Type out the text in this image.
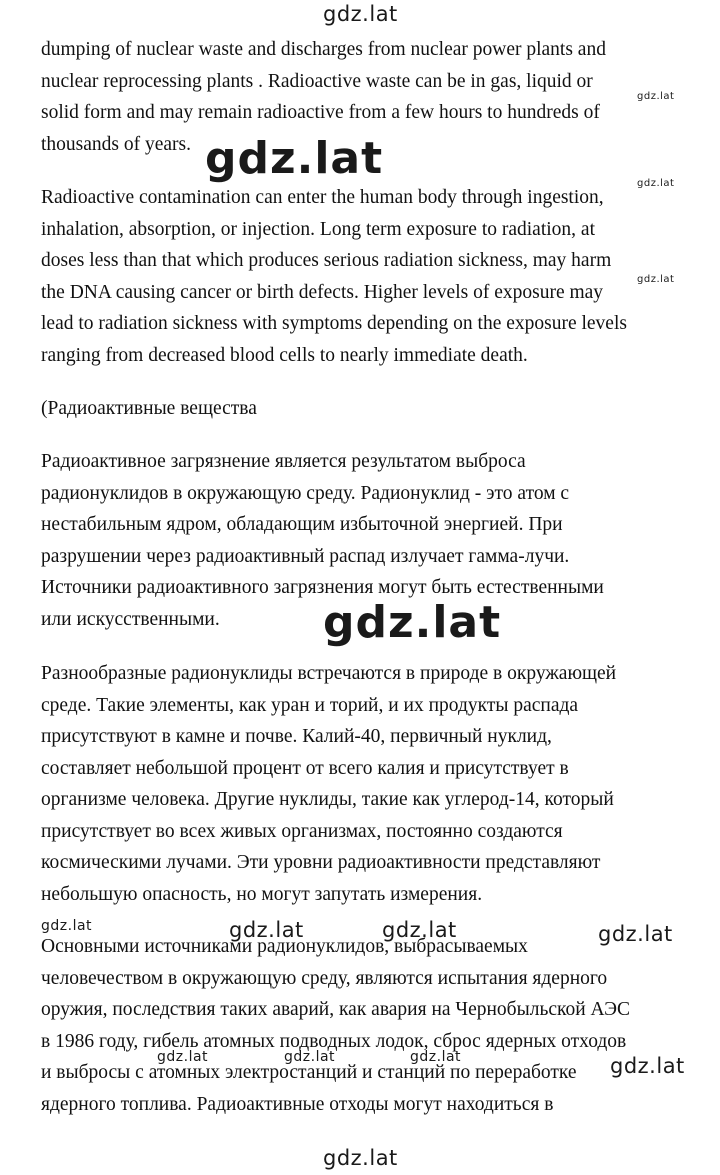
dumping of nuclear waste and discharges from nuclear power plants and
nuclear reprocessing plants . Radioactive waste can be in gas, liquid or
solid form and may remain radioactive from a few hours to hundreds of
thousands of years.

Radioactive contamination can enter the human body through ingestion,
inhalation, absorption, or injection. Long term exposure to radiation, at
doses less than that which produces serious radiation sickness, may harm
the DNA causing cancer or birth defects. Higher levels of exposure may
lead to radiation sickness with symptoms depending on the exposure levels
ranging from decreased blood cells to nearly immediate death.

(Радиоактивные вещества

Радиоактивное загрязнение является результатом выброса
радионуклидов в окружающую среду. Радионуклид - это атом с
нестабильным ядром, обладающим избыточной энергией. При
разрушении через радиоактивный распад излучает гамма-лучи.
Источники радиоактивного загрязнения могут быть естественными
или искусственными.

Разнообразные радионуклиды встречаются в природе в окружающей
среде. Такие элементы, как уран и торий, и их продукты распада
присутствуют в камне и почве. Калий-40, первичный нуклид,
составляет небольшой процент от всего калия и присутствует в
организме человека. Другие нуклиды, такие как углерод-14, который
присутствует во всех живых организмах, постоянно создаются
космическими лучами. Эти уровни радиоактивности представляют
небольшую опасность, но могут запутать измерения.

Основными источниками радионуклидов, выбрасываемых
человечеством в окружающую среду, являются испытания ядерного
оружия, последствия таких аварий, как авария на Чернобыльской АЭС
в 1986 году, гибель атомных подводных лодок, сброс ядерных отходов
и выбросы с атомных электростанций и станций по переработке
ядерного топлива. Радиоактивные отходы могут находиться в

gdz.lat
gdz.lat
gdz.lat
gdz.lat
gdz.lat
gdz.lat
gdz.lat	gdz.lat	gdz.lat	gdz.lat
gdz.lat	gdz.lat	gdz.lat	gdz.lat
gdz.lat
